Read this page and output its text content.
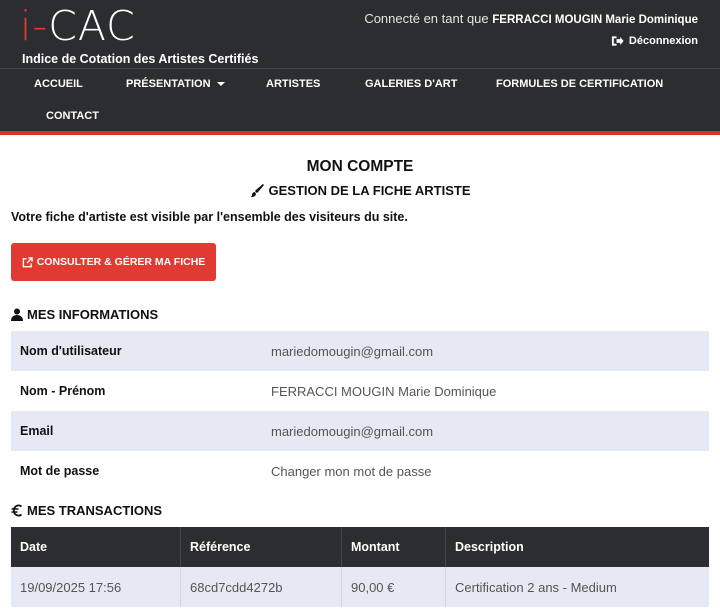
i-CAC
Indice de Cotation des Artistes Certifiés
Connecté en tant que FERRACCI MOUGIN Marie Dominique
Déconnexion
ACCUEIL	PRÉSENTATION	ARTISTES	GALERIES D'ART	FORMULES DE CERTIFICATION
CONTACT
MON COMPTE
GESTION DE LA FICHE ARTISTE
Votre fiche d'artiste est visible par l'ensemble des visiteurs du site.
CONSULTER & GÉRER MA FICHE
MES INFORMATIONS
Nom d'utilisateur	mariedomougin@gmail.com
Nom - Prénom	FERRACCI MOUGIN Marie Dominique
Email	mariedomougin@gmail.com
Mot de passe	Changer mon mot de passe
MES TRANSACTIONS
Date	Référence	Montant	Description
19/09/2025 17:56	68cd7cdd4272b	90,00 €	Certification 2 ans - Medium
